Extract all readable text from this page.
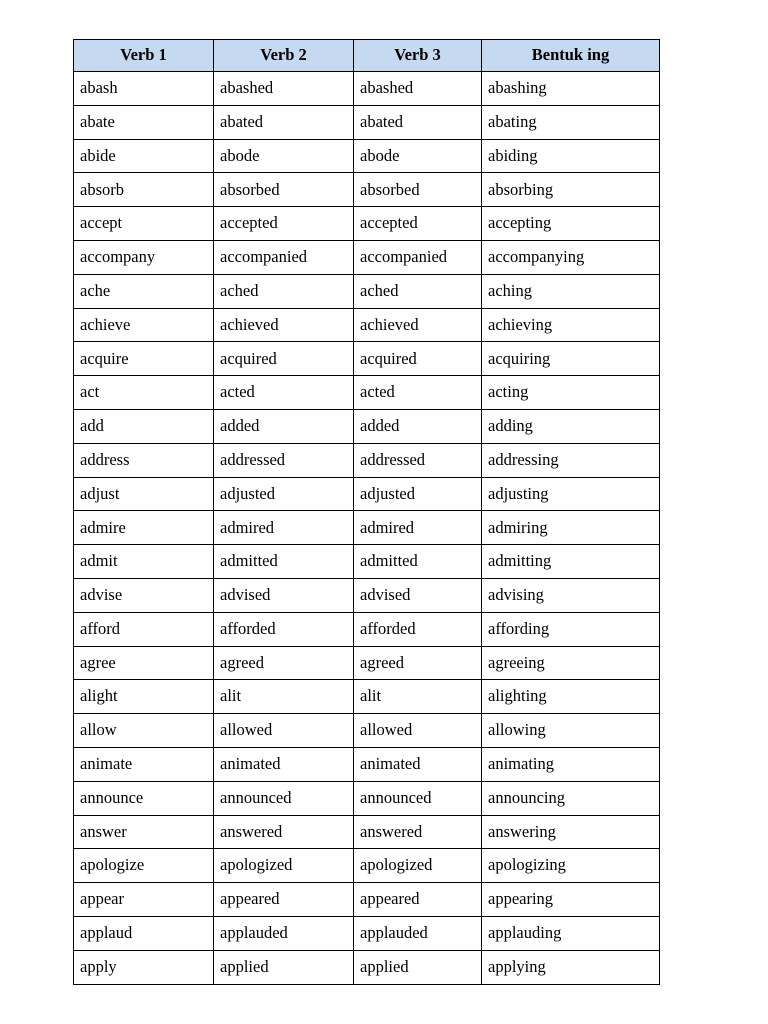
Verb 1	Verb 2	Verb 3	Bentuk ing
abash	abashed	abashed	abashing
abate	abated	abated	abating
abide	abode	abode	abiding
absorb	absorbed	absorbed	absorbing
accept	accepted	accepted	accepting
accompany	accompanied	accompanied	accompanying
ache	ached	ached	aching
achieve	achieved	achieved	achieving
acquire	acquired	acquired	acquiring
act	acted	acted	acting
add	added	added	adding
address	addressed	addressed	addressing
adjust	adjusted	adjusted	adjusting
admire	admired	admired	admiring
admit	admitted	admitted	admitting
advise	advised	advised	advising
afford	afforded	afforded	affording
agree	agreed	agreed	agreeing
alight	alit	alit	alighting
allow	allowed	allowed	allowing
animate	animated	animated	animating
announce	announced	announced	announcing
answer	answered	answered	answering
apologize	apologized	apologized	apologizing
appear	appeared	appeared	appearing
applaud	applauded	applauded	applauding
apply	applied	applied	applying
